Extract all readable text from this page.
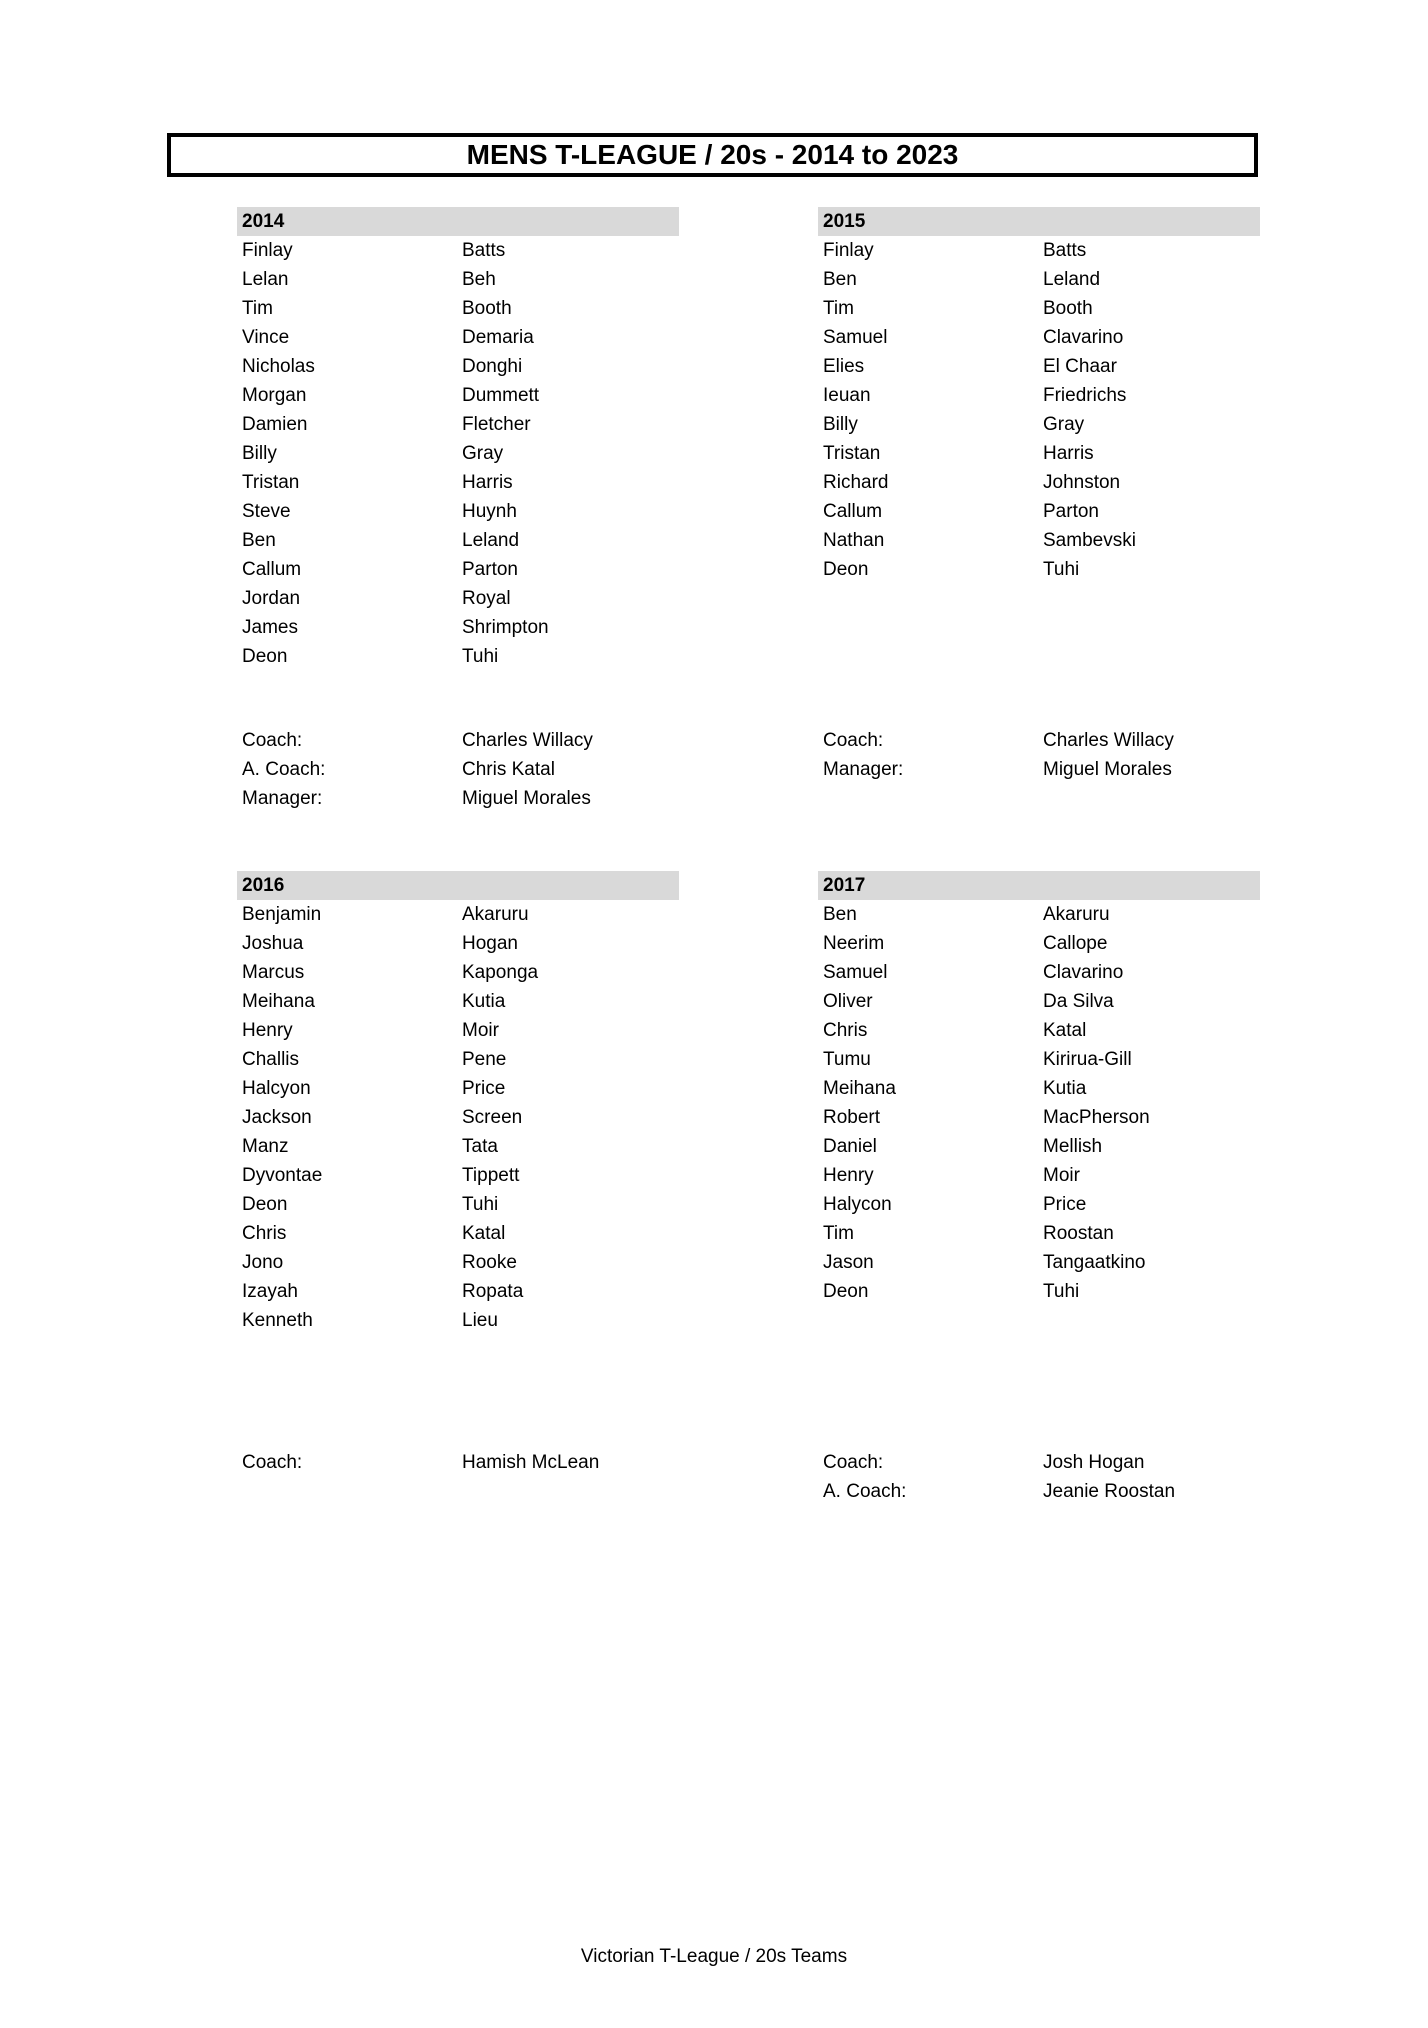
MENS T-LEAGUE / 20s - 2014 to 2023
2014
Finlay	Batts
Lelan	Beh
Tim	Booth
Vince	Demaria
Nicholas	Donghi
Morgan	Dummett
Damien	Fletcher
Billy	Gray
Tristan	Harris
Steve	Huynh
Ben	Leland
Callum	Parton
Jordan	Royal
James	Shrimpton
Deon	Tuhi
Coach:	Charles Willacy
A. Coach:	Chris Katal
Manager:	Miguel Morales
2015
Finlay	Batts
Ben	Leland
Tim	Booth
Samuel	Clavarino
Elies	El Chaar
Ieuan	Friedrichs
Billy	Gray
Tristan	Harris
Richard	Johnston
Callum	Parton
Nathan	Sambevski
Deon	Tuhi
Coach:	Charles Willacy
Manager:	Miguel Morales
2016
Benjamin	Akaruru
Joshua	Hogan
Marcus	Kaponga
Meihana	Kutia
Henry	Moir
Challis	Pene
Halcyon	Price
Jackson	Screen
Manz	Tata
Dyvontae	Tippett
Deon	Tuhi
Chris	Katal
Jono	Rooke
Izayah	Ropata
Kenneth	Lieu
Coach:	Hamish McLean
2017
Ben	Akaruru
Neerim	Callope
Samuel	Clavarino
Oliver	Da Silva
Chris	Katal
Tumu	Kirirua-Gill
Meihana	Kutia
Robert	MacPherson
Daniel	Mellish
Henry	Moir
Halycon	Price
Tim	Roostan
Jason	Tangaatkino
Deon	Tuhi
Coach:	Josh Hogan
A. Coach:	Jeanie Roostan
Victorian T-League / 20s Teams
